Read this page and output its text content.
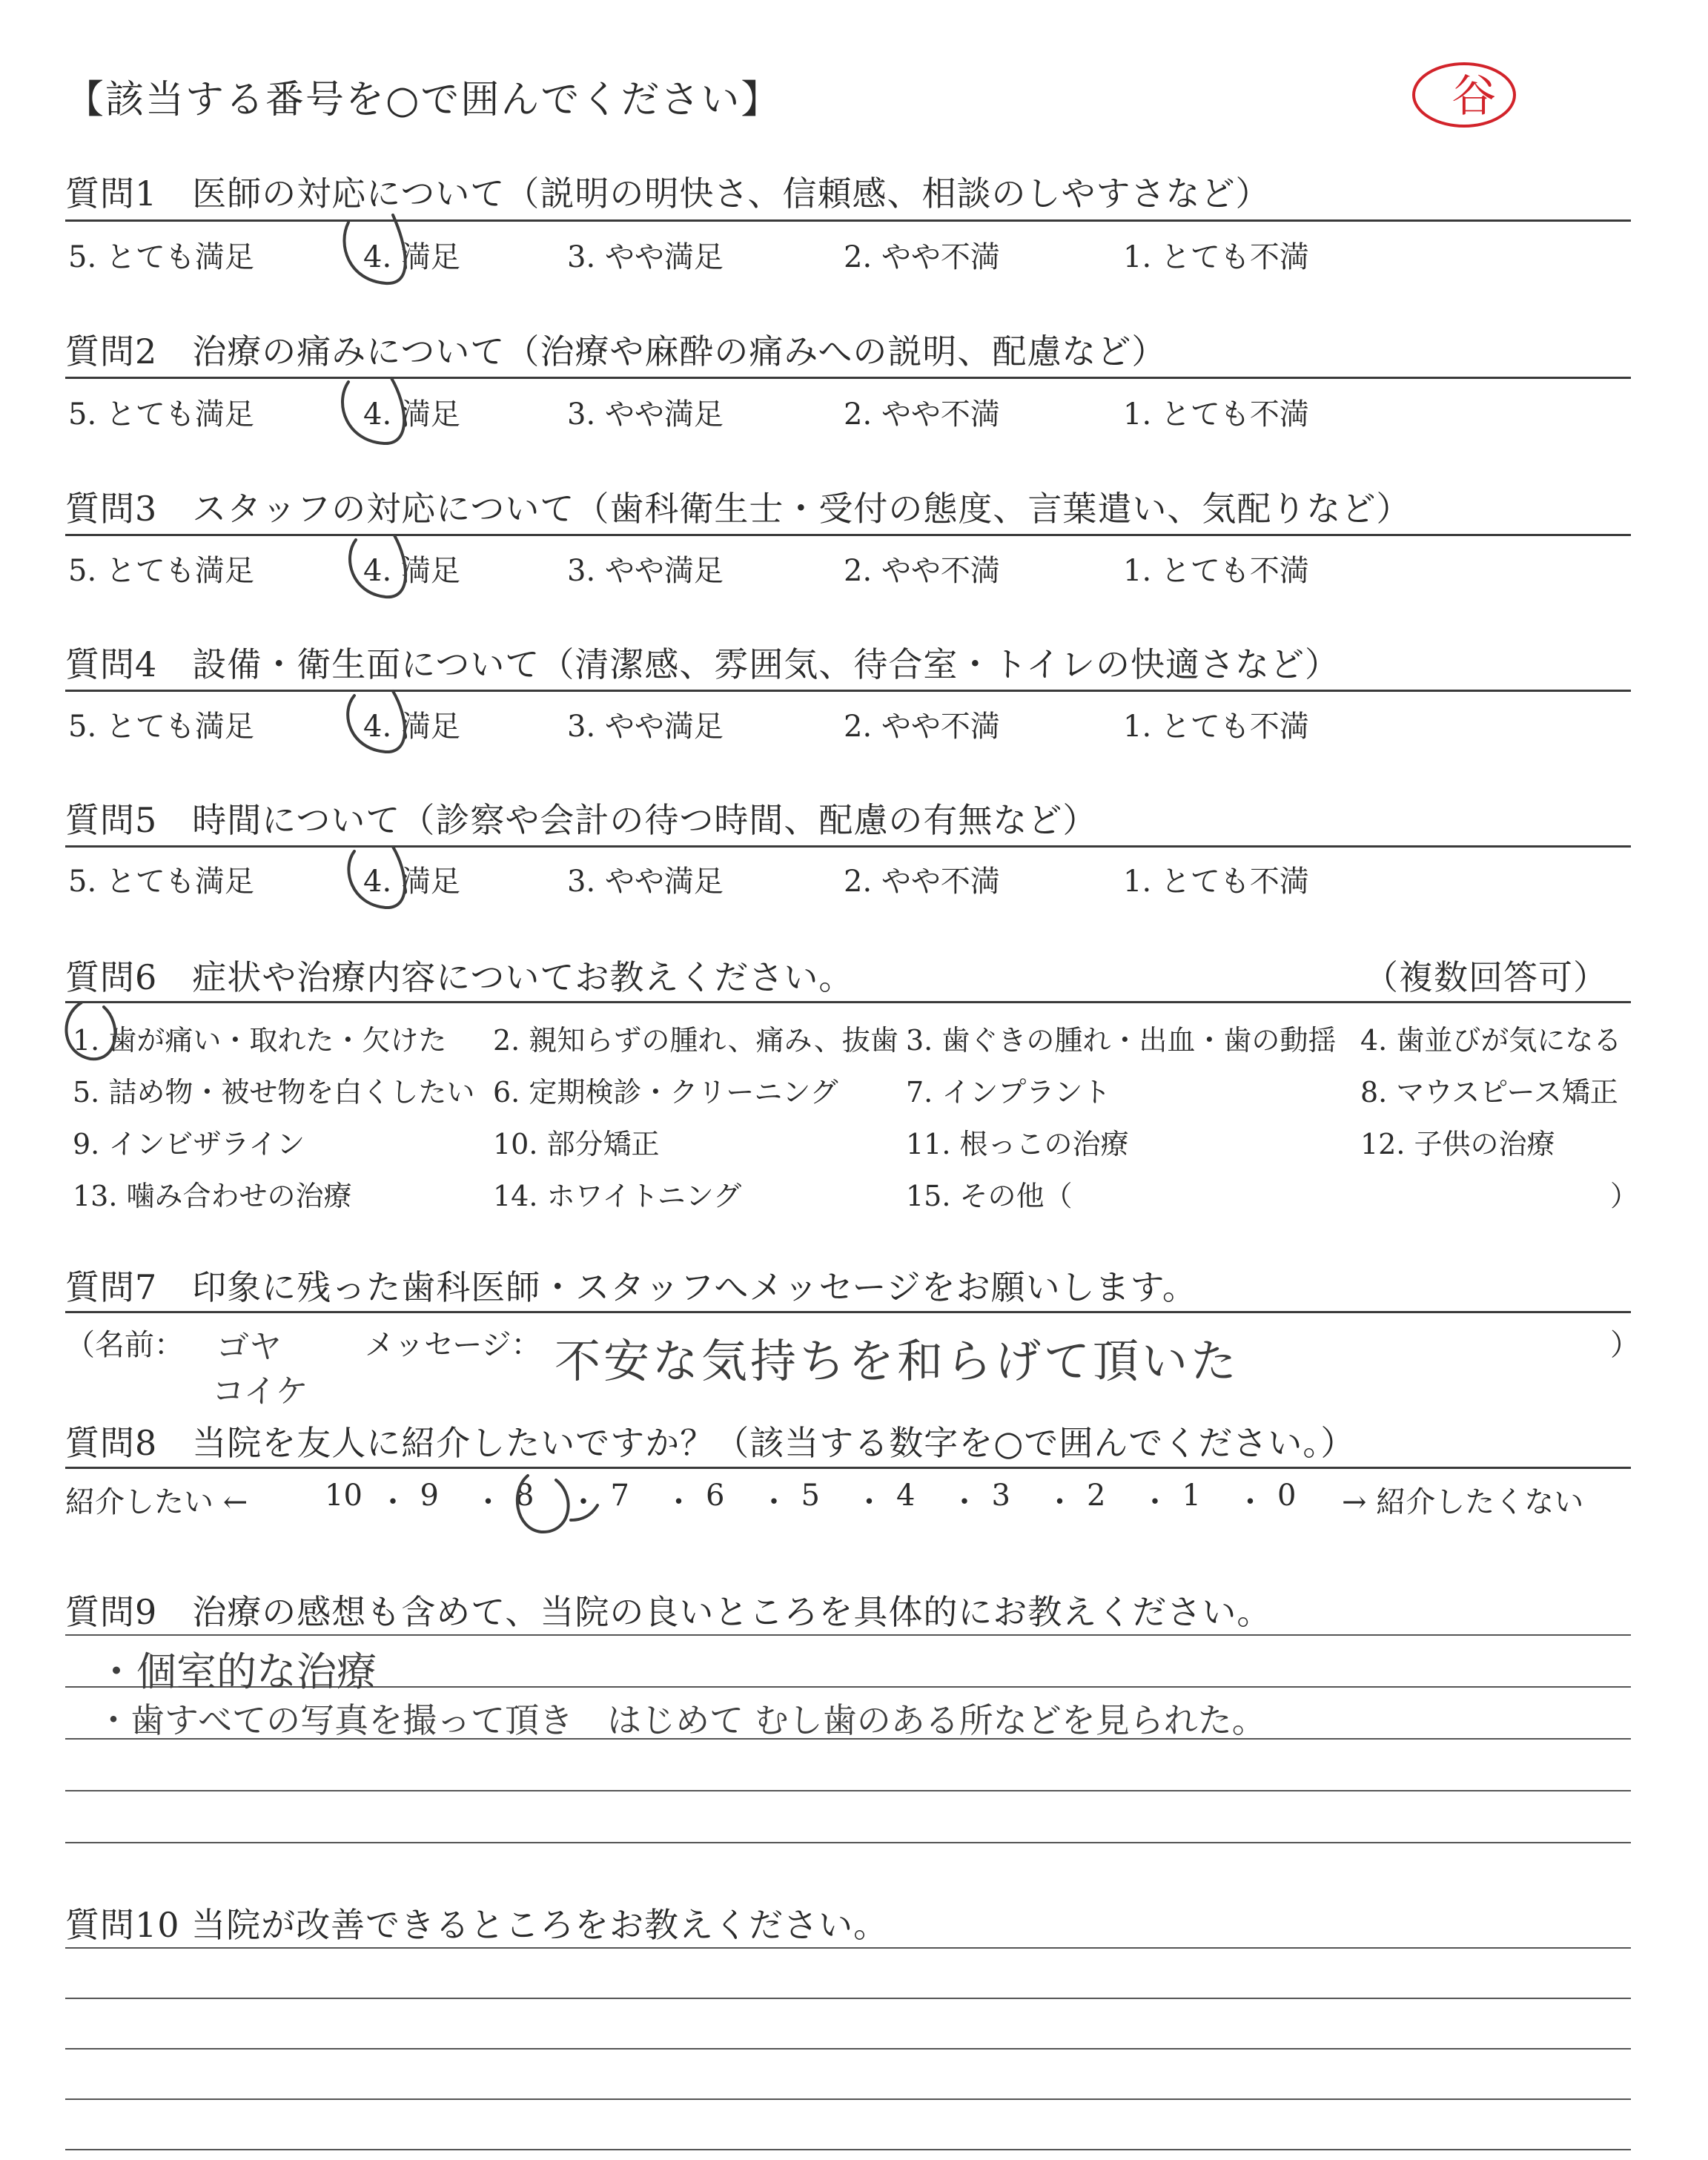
【該当する番号を○で囲んでください】	谷
質問1　医師の対応について（説明の明快さ、信頼感、相談のしやすさなど）
5. とても満足	4. 満足	3. やや満足	2. やや不満	1. とても不満
質問2　治療の痛みについて（治療や麻酔の痛みへの説明、配慮など）
5. とても満足	4. 満足	3. やや満足	2. やや不満	1. とても不満
質問3　スタッフの対応について（歯科衛生士・受付の態度、言葉遣い、気配りなど）
5. とても満足	4. 満足	3. やや満足	2. やや不満	1. とても不満
質問4　設備・衛生面について（清潔感、雰囲気、待合室・トイレの快適さなど）
5. とても満足	4. 満足	3. やや満足	2. やや不満	1. とても不満
質問5　時間について（診察や会計の待つ時間、配慮の有無など）
5. とても満足	4. 満足	3. やや満足	2. やや不満	1. とても不満
質問6　症状や治療内容についてお教えください。	（複数回答可）
1. 歯が痛い・取れた・欠けた 2. 親知らずの腫れ、痛み、抜歯 3. 歯ぐきの腫れ・出血・歯の動揺 4. 歯並びが気になる
5. 詰め物・被せ物を白くしたい 6. 定期検診・クリーニング 7. インプラント	8. マウスピース矯正
9. インビザライン	10. 部分矯正	11. 根っこの治療	12. 子供の治療
13. 噛み合わせの治療	14. ホワイトニング	15. その他（	）
質問7　印象に残った歯科医師・スタッフへメッセージをお願いします。
（名前： ゴヤ
コイケ
メッセージ： 不安な気持ちを和らげて頂いた	）
質問8　当院を友人に紹介したいですか？（該当する数字を○で囲んでください。）
紹介したい ←	→ 紹介したくない
10 ・ 9 ・ 8 ・ 7 ・ 6 ・ 5 ・ 4 ・ 3 ・ 2 ・ 1 ・ 0
質問9　治療の感想も含めて、当院の良いところを具体的にお教えください。
・個室的な治療
・歯すべての写真を撮って頂き　はじめて むし歯のある所などを見られた。
質問10 当院が改善できるところをお教えください。
